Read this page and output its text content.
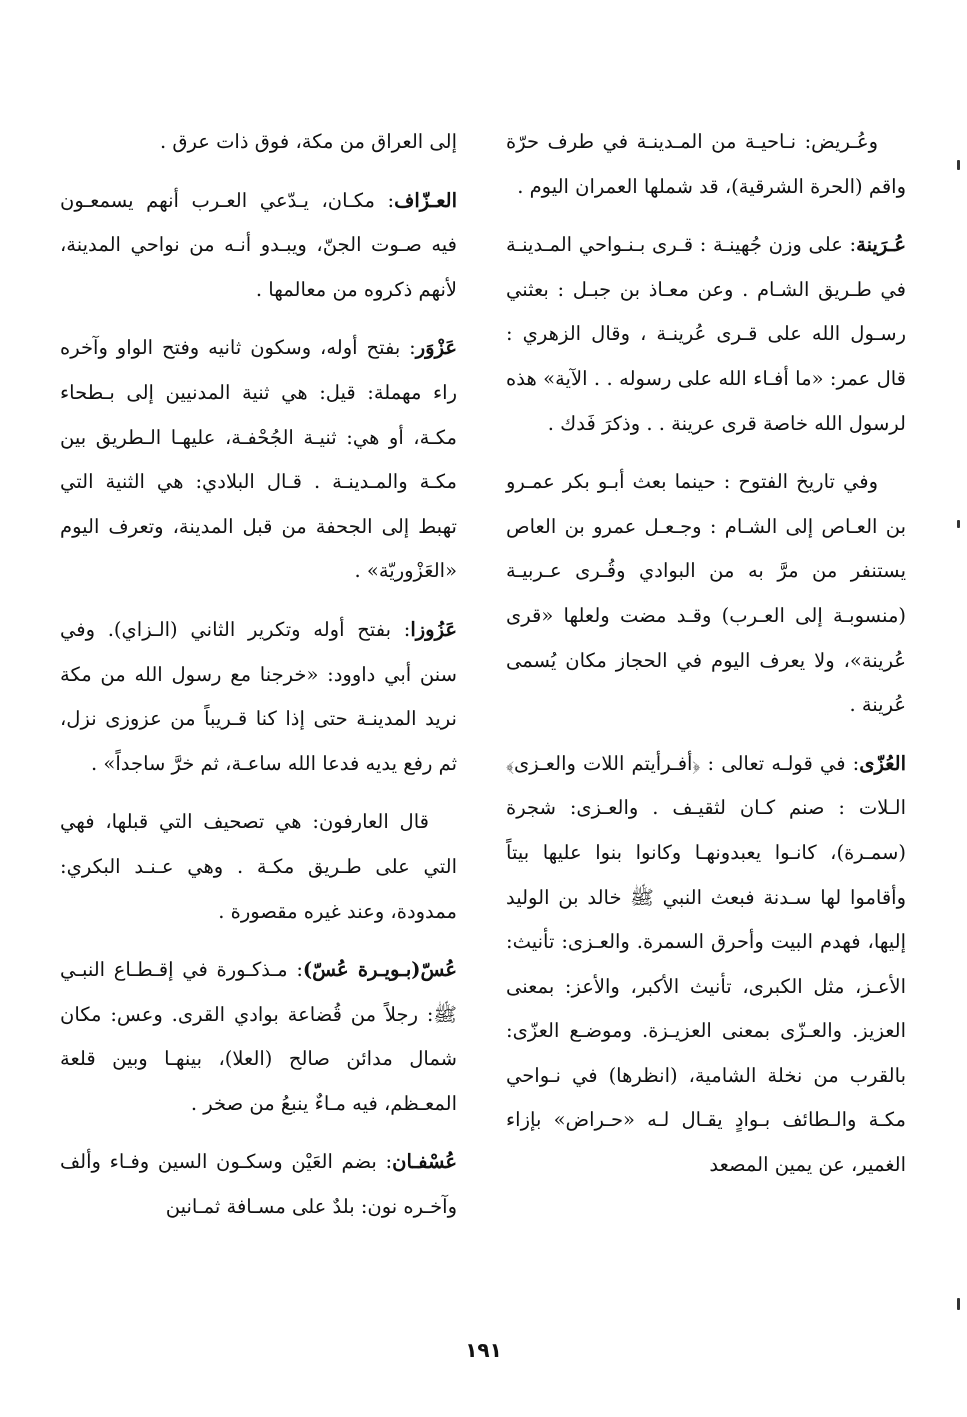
وعُـريض: نـاحيـة من المـدينـة في طرف حرّة واقم (الحرة الشرقية)، قد شملها العمران اليوم .

عُـرَينة: على وزن جُهينـة : قـرى بـنـواحي المـدينـة في طـريق الشـام . وعن معـاذ بن جبـل : بعثني رسـول الله على قـرى عُرينـة ، وقال الزهري : قال عمر: «ما أفـاء الله على رسوله . . الآية» هذه لرسول الله خاصة قرى عرينة . . وذكرَ فَدك .

وفي تاريخ الفتوح : حينما بعث أبـو بكر عمـرو بن العـاص إلى الشـام : وجـعـل عمرو بن العاص يستنفر من مرَّ به من البوادي وقُـرى عـربيـة (منسوبـة إلى العـرب) وقـد مضت ولعلها «قرى عُرينة»، ولا يعرف اليوم في الحجاز مكان يُسمى عُرينة .

العُزّى: في قولـه تعالى : ﴿أفـرأيتم اللات والعـزى﴾ الـلات : صنم كـان لثقيـف . والعـزى: شجرة (سمـرة)، كانـوا يعبدونهـا وكانوا بنوا عليها بيتاً وأقاموا لها سـدنة فبعث النبي ﷺ خالد بن الوليد إليها، فهدم البيت وأحرق السمرة. والعـزى: تأنيث: الأعـز، مثل الكبرى، تأنيث الأكبر، والأعز: بمعنى العزيز. والعـزّى بمعنى العزيـزة. وموضـع العزّى: بالقرب من نخلة الشامية، (انظرها) في نـواحي مكـة والـطائف بـوادٍ يقـال لـه «حـراض» بإزاء الغمير، عن يمين المصعد

إلى العراق من مكة، فوق ذات عرق .

العـزّاف: مكـان، يـدّعي العـرب أنهم يسمعـون فيه صـوت الجنّ، ويبـدو أنـه من نواحي المدينة، لأنهم ذكروه من معالمها .

عَزْوَر: بفتح أوله، وسكون ثانيه وفتح الواو وآخره راء مهملة: قيل: هي ثنية المدنيين إلى بـطحاء مكـة، أو هي: ثنيـة الجُحْفـة، عليهـا الـطريق بين مكـة والمـدينـة . قـال البلادي: هي الثنية التي تهبط إلى الجحفة من قبل المدينة، وتعرف اليوم «العَزْوريّة» .

عَزُوزا: بفتح أوله وتكرير الثاني (الـزاي). وفي سنن أبي داوود: «خرجنا مع رسول الله من مكة نريد المدينـة حتى إذا كنا قـريباً من عزوزى نزل، ثم رفع يديه فدعا الله ساعـة، ثم خرَّ ساجداً» .

قال العارفون: هي تصحيف التي قبلها، فهي التي على طـريق مكـة . وهي عـنـد البكري: ممدودة، وعند غيره مقصورة .

عُسّ(بـويـرة عُسّ): مـذكـورة في إقـطـاع النبـي ﷺ: رجلاً من قُضاعة بوادي القرى. وعس: مكان شمال مدائن صالح (العلا)، بينهـا وبين قلعة المعـظم، فيه مـاءٌ ينبعُ من صخر .

عُسْفـان: بضم العَيْن وسكـون السين وفـاء وألف وآخـره نون: بلدٌ على مسـافة ثمـانين

١٩١
